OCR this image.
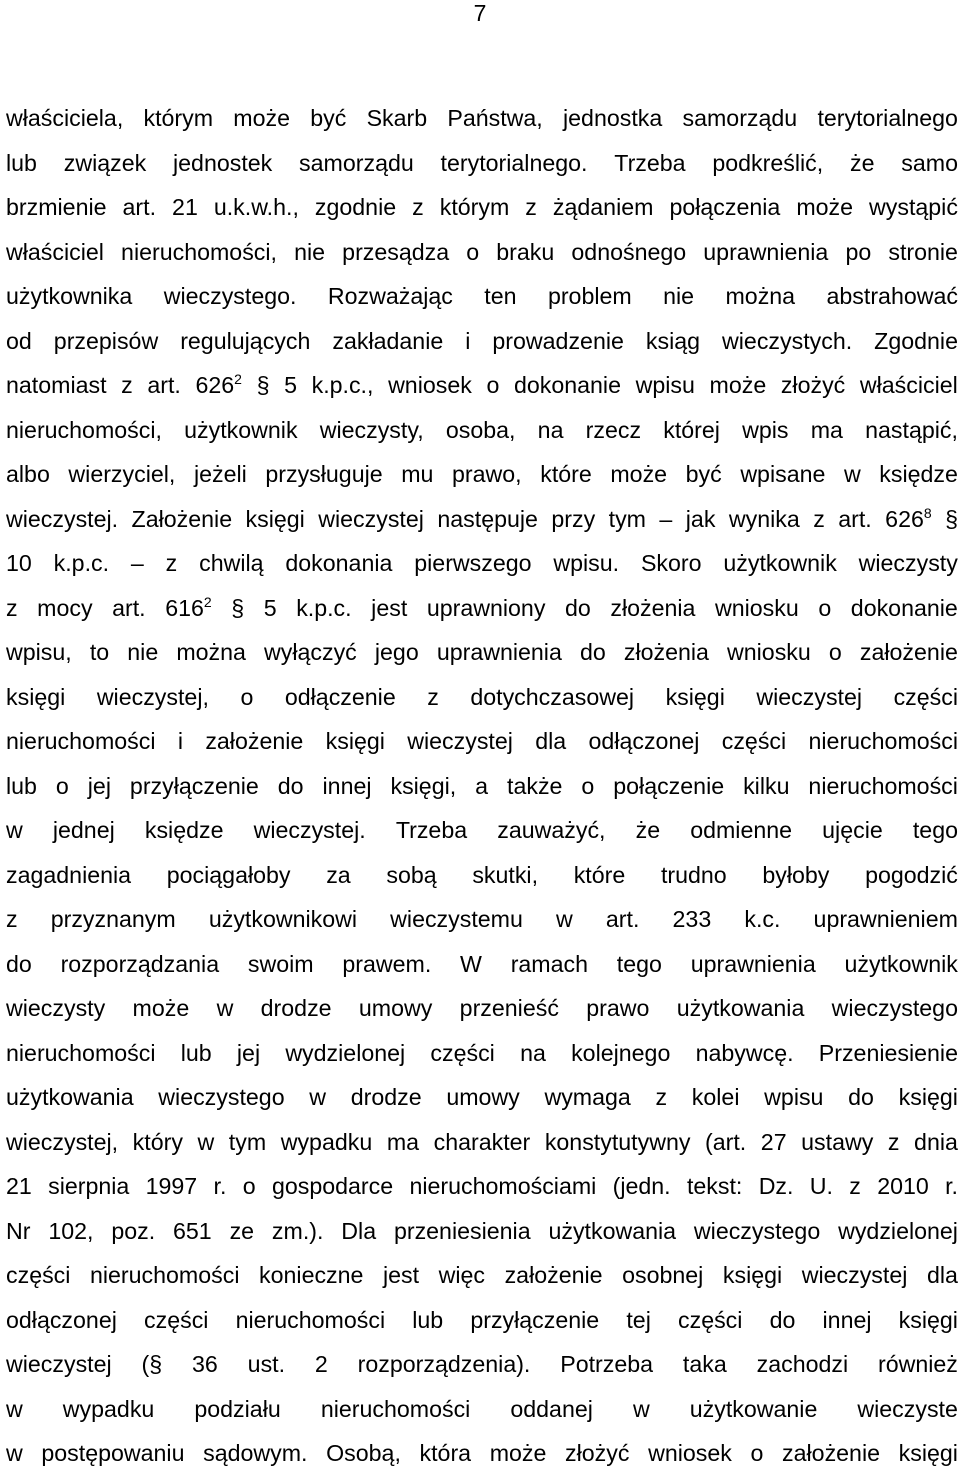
7
właściciela, którym może być Skarb Państwa, jednostka samorządu terytorialnego
lub związek jednostek samorządu terytorialnego. Trzeba podkreślić, że samo
brzmienie art. 21 u.k.w.h., zgodnie z którym z żądaniem połączenia może wystąpić
właściciel nieruchomości, nie przesądza o braku odnośnego uprawnienia po stronie
użytkownika wieczystego. Rozważając ten problem nie można abstrahować
od przepisów regulujących zakładanie i prowadzenie ksiąg wieczystych. Zgodnie
natomiast z art. $626^2$ § 5 k.p.c., wniosek o dokonanie wpisu może złożyć właściciel
nieruchomości, użytkownik wieczysty, osoba, na rzecz której wpis ma nastąpić,
albo wierzyciel, jeżeli przysługuje mu prawo, które może być wpisane w księdze
wieczystej. Założenie księgi wieczystej następuje przy tym – jak wynika z art. $626^8$ §
10 k.p.c. – z chwilą dokonania pierwszego wpisu. Skoro użytkownik wieczysty
z mocy art. $616^2$ § 5 k.p.c. jest uprawniony do złożenia wniosku o dokonanie
wpisu, to nie można wyłączyć jego uprawnienia do złożenia wniosku o założenie
księgi wieczystej, o odłączenie z dotychczasowej księgi wieczystej części
nieruchomości i założenie księgi wieczystej dla odłączonej części nieruchomości
lub o jej przyłączenie do innej księgi, a także o połączenie kilku nieruchomości
w jednej księdze wieczystej. Trzeba zauważyć, że odmienne ujęcie tego
zagadnienia pociągałoby za sobą skutki, które trudno byłoby pogodzić
z przyznanym użytkownikowi wieczystemu w art. 233 k.c. uprawnieniem
do rozporządzania swoim prawem. W ramach tego uprawnienia użytkownik
wieczysty może w drodze umowy przenieść prawo użytkowania wieczystego
nieruchomości lub jej wydzielonej części na kolejnego nabywcę. Przeniesienie
użytkowania wieczystego w drodze umowy wymaga z kolei wpisu do księgi
wieczystej, który w tym wypadku ma charakter konstytutywny (art. 27 ustawy z dnia
21 sierpnia 1997 r. o gospodarce nieruchomościami (jedn. tekst: Dz. U. z 2010 r.
Nr 102, poz. 651 ze zm.). Dla przeniesienia użytkowania wieczystego wydzielonej
części nieruchomości konieczne jest więc założenie osobnej księgi wieczystej dla
odłączonej części nieruchomości lub przyłączenie tej części do innej księgi
wieczystej (§ 36 ust. 2 rozporządzenia). Potrzeba taka zachodzi również
w wypadku podziału nieruchomości oddanej w użytkowanie wieczyste
w postępowaniu sądowym. Osobą, która może złożyć wniosek o założenie księgi
